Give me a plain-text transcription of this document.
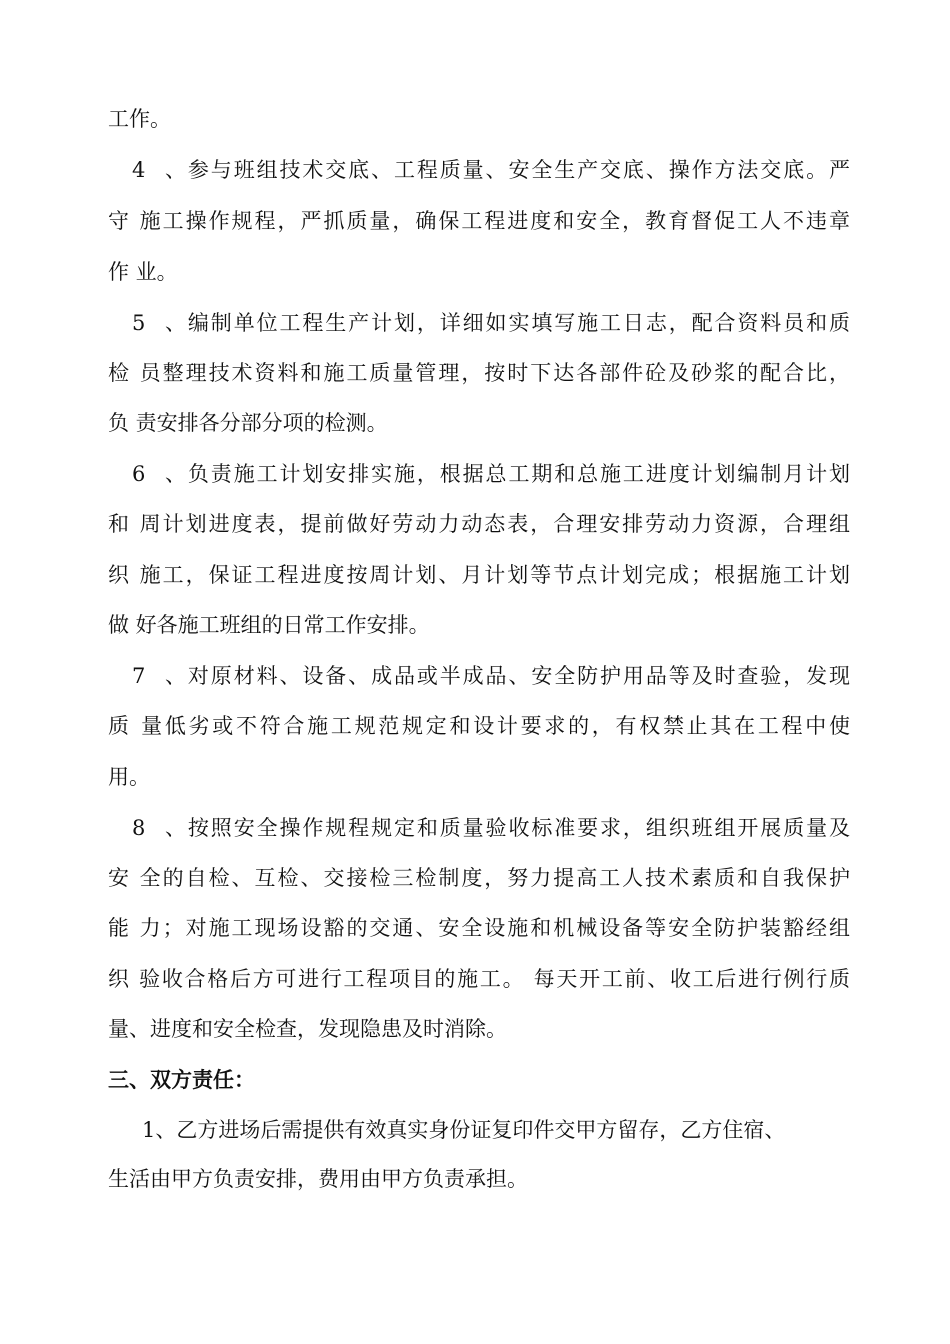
工作。
4、参与班组技术交底、工程质量、安全生产交底、操作方法交底。严
守 施工操作规程，严抓质量，确保工程进度和安全，教育督促工人不违章
作 业。
5、编制单位工程生产计划，详细如实填写施工日志，配合资料员和质
检 员整理技术资料和施工质量管理，按时下达各部件砼及砂浆的配合比，
负 责安排各分部分项的检测。
6、负责施工计划安排实施，根据总工期和总施工进度计划编制月计划
和 周计划进度表，提前做好劳动力动态表，合理安排劳动力资源，合理组
织 施工，保证工程进度按周计划、月计划等节点计划完成；根据施工计划
做 好各施工班组的日常工作安排。
7、对原材料、设备、成品或半成品、安全防护用品等及时查验，发现
质 量低劣或不符合施工规范规定和设计要求的，有权禁止其在工程中使
用。
8、按照安全操作规程规定和质量验收标准要求，组织班组开展质量及
安 全的自检、互检、交接检三检制度，努力提高工人技术素质和自我保护
能 力；对施工现场设豁的交通、安全设施和机械设备等安全防护装豁经组
织 验收合格后方可进行工程项目的施工。 每天开工前、收工后进行例行质
量、进度和安全检查，发现隐患及时消除。
三、双方责任：
1、乙方进场后需提供有效真实身份证复印件交甲方留存，乙方住宿、
生活由甲方负责安排，费用由甲方负责承担。
